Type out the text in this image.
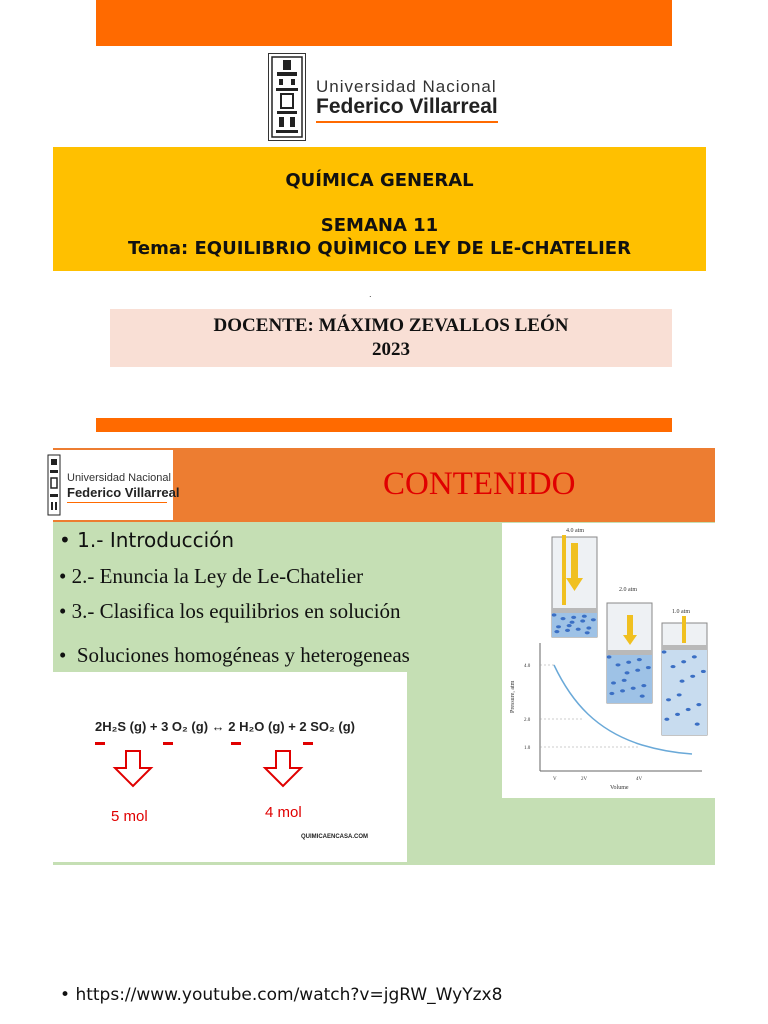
Universidad Nacional
Federico Villarreal
QUÍMICA GENERAL
SEMANA 11
Tema: EQUILIBRIO QUÌMICO LEY DE LE-CHATELIER
.
DOCENTE: MÁXIMO ZEVALLOS LEÓN
2023
Universidad Nacional
Federico Villarreal	CONTENIDO
• 1.- Introducción
• 2.- Enuncia la Ley de Le-Chatelier
• 3.- Clasifica los equilibrios en solución
•  Soluciones homogéneas y heterogeneas
2H₂S (g) + 3 O₂ (g) ↔ 2 H₂O (g) + 2 SO₂ (g)
5 mol	4 mol
QUIMICAENCASA.COM
4.0 atm
2.0 atm
1.0 atm
Pressure, atm
4.0
2.0
1.0
V	2V	4V
Volume
• https://www.youtube.com/watch?v=jgRW_WyYzx8
